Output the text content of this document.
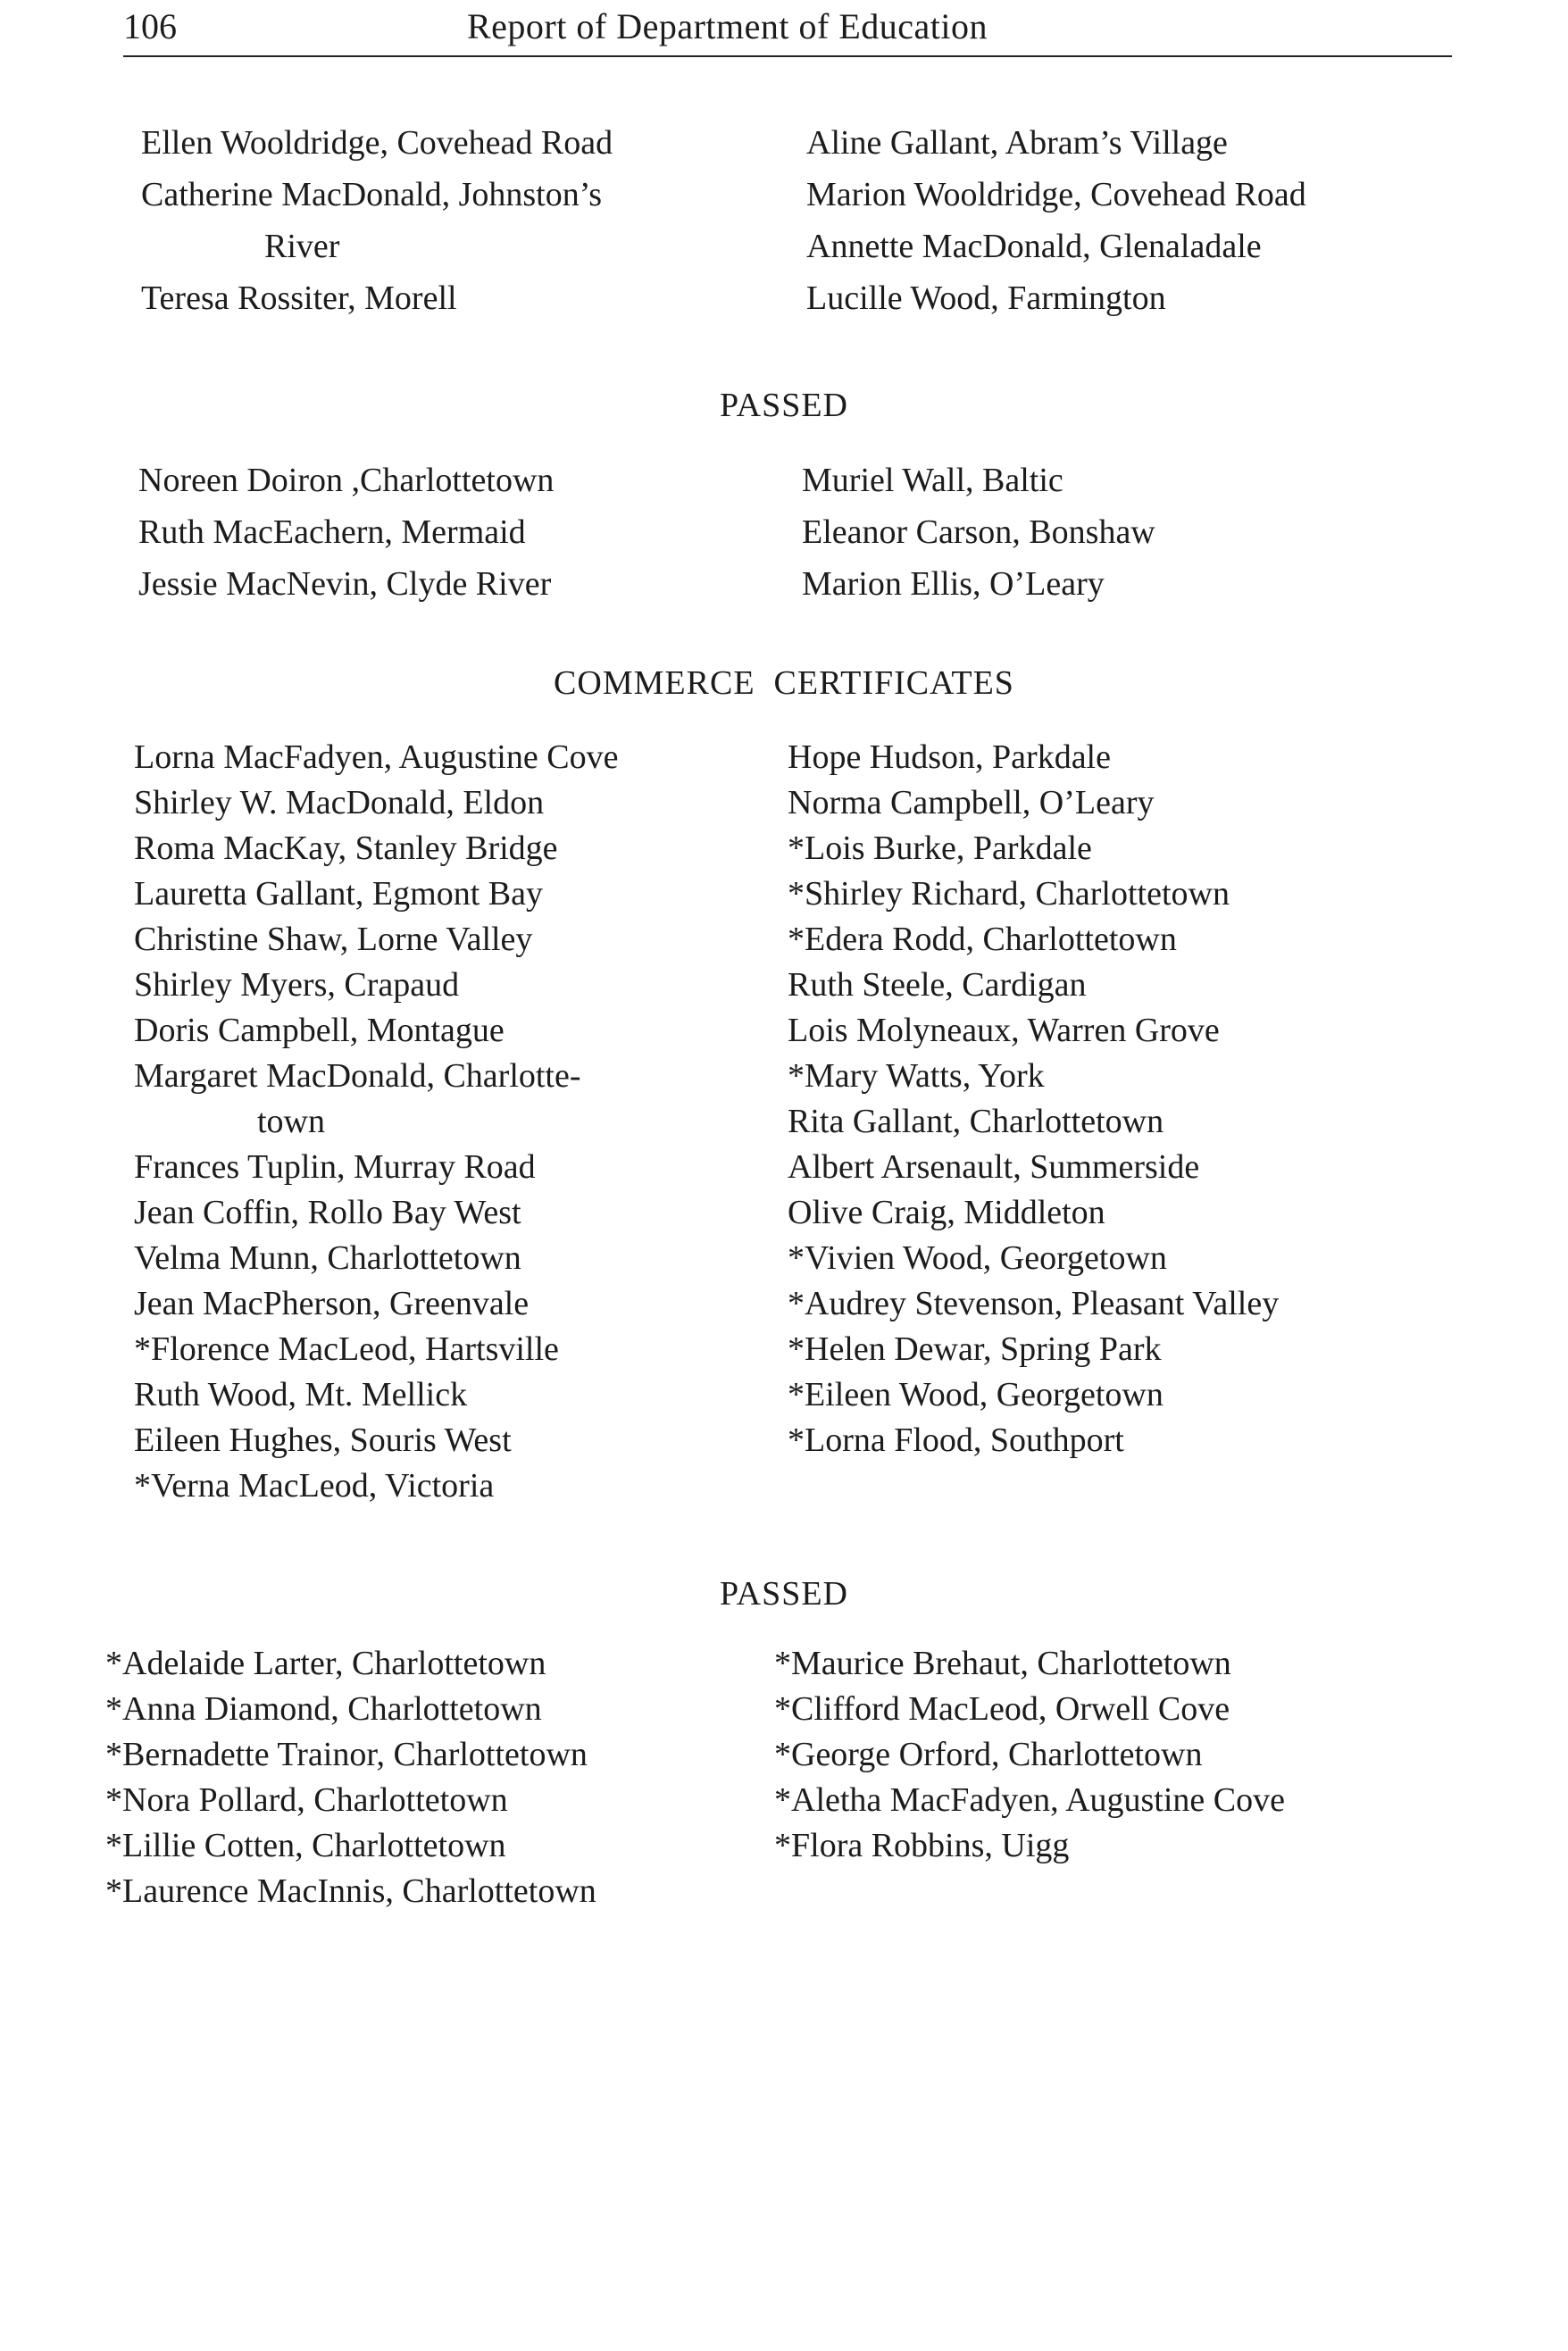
106	Report of Department of Education
Ellen Wooldridge, Covehead Road
Catherine MacDonald, Johnston’s
River
Teresa Rossiter, Morell
Aline Gallant, Abram’s Village
Marion Wooldridge, Covehead Road
Annette MacDonald, Glenaladale
Lucille Wood, Farmington
PASSED
Noreen Doiron ,Charlottetown
Ruth MacEachern, Mermaid
Jessie MacNevin, Clyde River
Muriel Wall, Baltic
Eleanor Carson, Bonshaw
Marion Ellis, O’Leary
COMMERCE  CERTIFICATES
Lorna MacFadyen, Augustine Cove
Shirley W. MacDonald, Eldon
Roma MacKay, Stanley Bridge
Lauretta Gallant, Egmont Bay
Christine Shaw, Lorne Valley
Shirley Myers, Crapaud
Doris Campbell, Montague
Margaret MacDonald, Charlotte-
town
Frances Tuplin, Murray Road
Jean Coffin, Rollo Bay West
Velma Munn, Charlottetown
Jean MacPherson, Greenvale
*Florence MacLeod, Hartsville
Ruth Wood, Mt. Mellick
Eileen Hughes, Souris West
*Verna MacLeod, Victoria
Hope Hudson, Parkdale
Norma Campbell, O’Leary
*Lois Burke, Parkdale
*Shirley Richard, Charlottetown
*Edera Rodd, Charlottetown
Ruth Steele, Cardigan
Lois Molyneaux, Warren Grove
*Mary Watts, York
Rita Gallant, Charlottetown
Albert Arsenault, Summerside
Olive Craig, Middleton
*Vivien Wood, Georgetown
*Audrey Stevenson, Pleasant Valley
*Helen Dewar, Spring Park
*Eileen Wood, Georgetown
*Lorna Flood, Southport
PASSED
*Adelaide Larter, Charlottetown
*Anna Diamond, Charlottetown
*Bernadette Trainor, Charlottetown
*Nora Pollard, Charlottetown
*Lillie Cotten, Charlottetown
*Laurence MacInnis, Charlottetown
*Maurice Brehaut, Charlottetown
*Clifford MacLeod, Orwell Cove
*George Orford, Charlottetown
*Aletha MacFadyen, Augustine Cove
*Flora Robbins, Uigg
